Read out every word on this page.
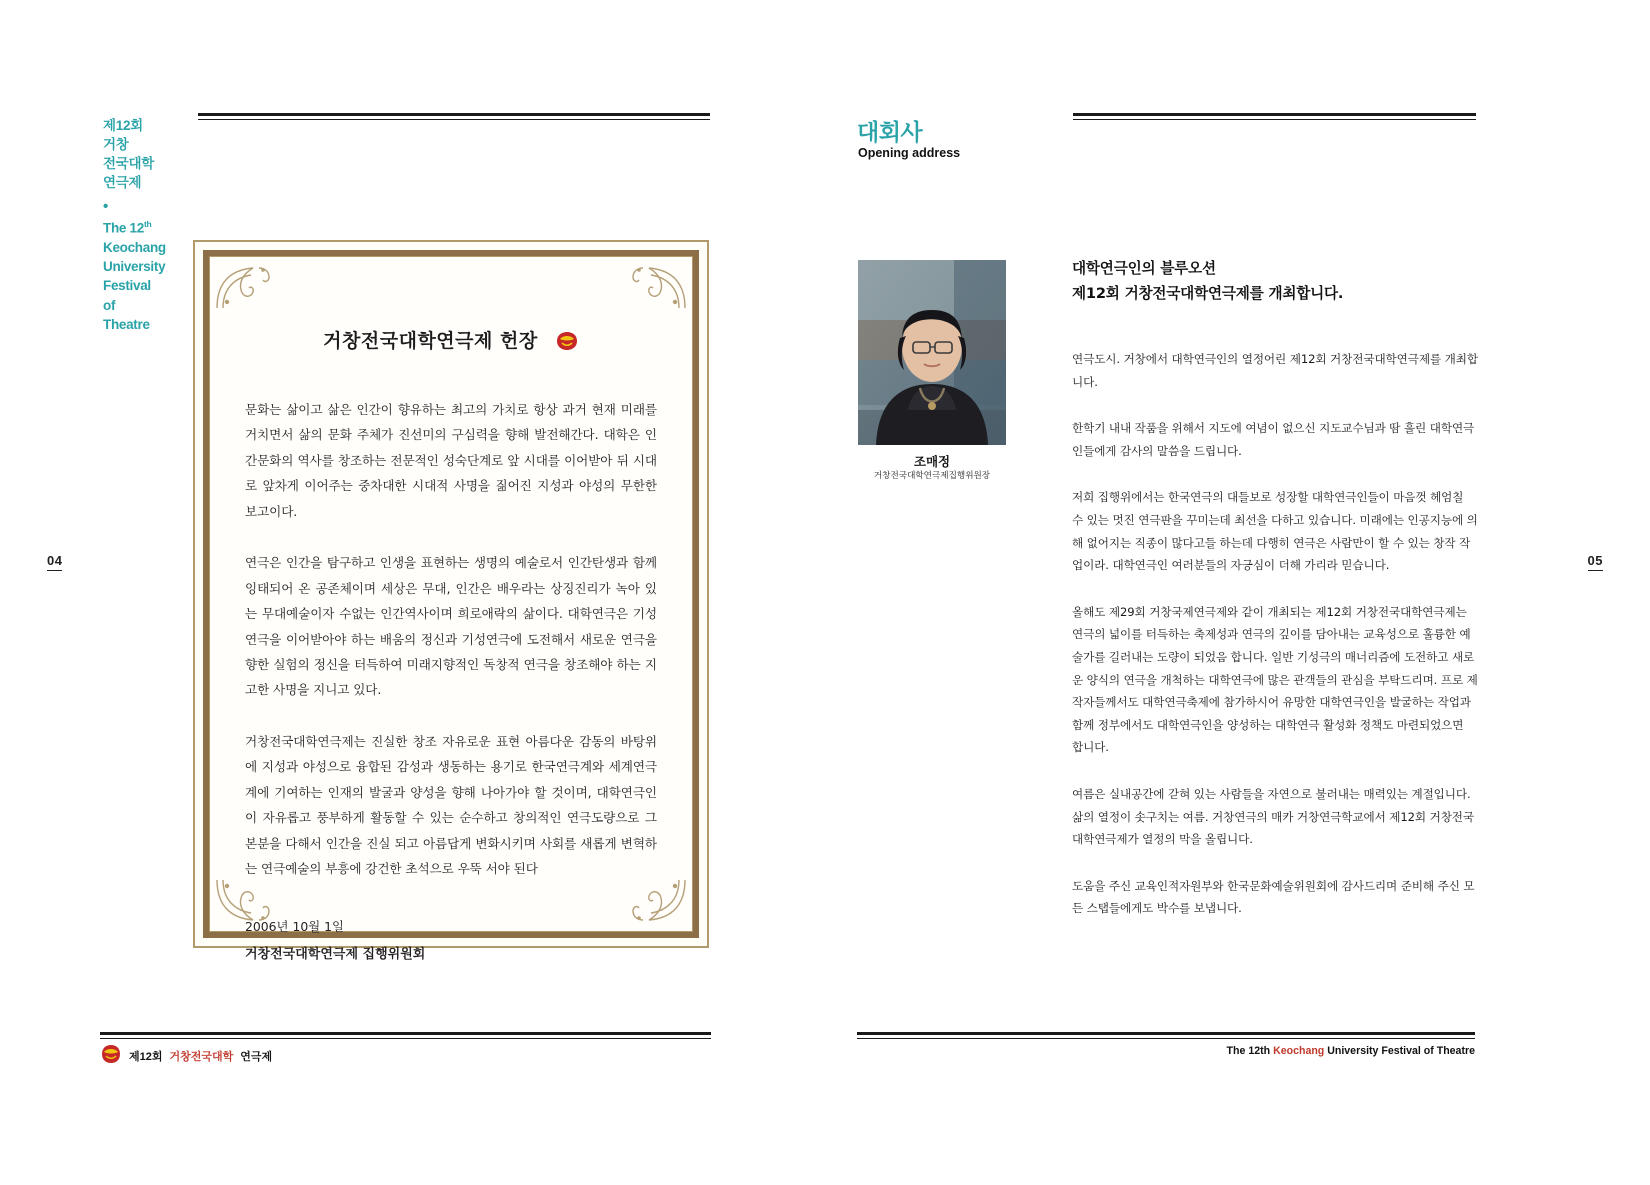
제12회
거창
전국대학
연극제
•
The 12th
Keochang
University
Festival
of
Theatre
04
거창전국대학연극제 헌장

문화는 삶이고 삶은 인간이 향유하는 최고의 가치로 항상 과거 현재 미래를 거치면서 삶의 문화 주체가 진선미의 구심력을 향해 발전해간다. 대학은 인간문화의 역사를 창조하는 전문적인 성숙단계로 앞 시대를 이어받아 뒤 시대로 앞차게 이어주는 중차대한 시대적 사명을 짊어진 지성과 야성의 무한한 보고이다.

연극은 인간을 탐구하고 인생을 표현하는 생명의 예술로서 인간탄생과 함께 잉태되어 온 공존체이며 세상은 무대, 인간은 배우라는 상징진리가 녹아 있는 무대예술이자 수없는 인간역사이며 희로애락의 삶이다. 대학연극은 기성연극을 이어받아야 하는 배움의 정신과 기성연극에 도전해서 새로운 연극을 향한 실험의 정신을 터득하여 미래지향적인 독창적 연극을 창조해야 하는 지고한 사명을 지니고 있다.

거창전국대학연극제는 진실한 창조 자유로운 표현 아름다운 감동의 바탕위에 지성과 야성으로 융합된 감성과 생동하는 용기로 한국연극계와 세계연극계에 기여하는 인재의 발굴과 양성을 향해 나아가야 할 것이며, 대학연극인이 자유롭고 풍부하게 활동할 수 있는 순수하고 창의적인 연극도량으로 그 본분을 다해서 인간을 진실 되고 아름답게 변화시키며 사회를 새롭게 변혁하는 연극예술의 부흥에 강건한 초석으로 우뚝 서야 된다

2006년 10월 1일
거창전국대학연극제 집행위원회
제12회 거창전국대학 연극제
대회사
Opening address
조매정
거창전국대학연극제집행위원장
대학연극인의 블루오션
제12회 거창전국대학연극제를 개최합니다.

연극도시. 거창에서 대학연극인의 열정어린 제12회 거창전국대학연극제를 개최합니다.

한학기 내내 작품을 위해서 지도에 여념이 없으신 지도교수님과 땀 흘린 대학연극인들에게 감사의 말씀을 드립니다.

저희 집행위에서는 한국연극의 대들보로 성장할 대학연극인들이 마음껏 헤엄칠 수 있는 멋진 연극판을 꾸미는데 최선을 다하고 있습니다. 미래에는 인공지능에 의해 없어지는 직종이 많다고들 하는데 다행히 연극은 사람만이 할 수 있는 창작 작업이라. 대학연극인 여러분들의 자긍심이 더해 가리라 믿습니다.

올해도 제29회 거창국제연극제와 같이 개최되는 제12회 거창전국대학연극제는 연극의 넓이를 터득하는 축제성과 연극의 깊이를 담아내는 교육성으로 훌륭한 예술가를 길러내는 도량이 되었음 합니다. 일반 기성극의 매너리즘에 도전하고 새로운 양식의 연극을 개척하는 대학연극에 많은 관객들의 관심을 부탁드리며. 프로 제작자들께서도 대학연극축제에 참가하시어 유망한 대학연극인을 발굴하는 작업과 함께 정부에서도 대학연극인을 양성하는 대학연극 활성화 정책도 마련되었으면 합니다.

여름은 실내공간에 갇혀 있는 사람들을 자연으로 불러내는 매력있는 계절입니다. 삶의 열정이 솟구치는 여름. 거창연극의 매카 거창연극학교에서 제12회 거창전국대학연극제가 열정의 막을 올립니다.

도움을 주신 교육인적자원부와 한국문화예술위원회에 감사드리며 준비해 주신 모든 스탭들에게도 박수를 보냅니다.

05
The 12th Keochang University Festival of Theatre
